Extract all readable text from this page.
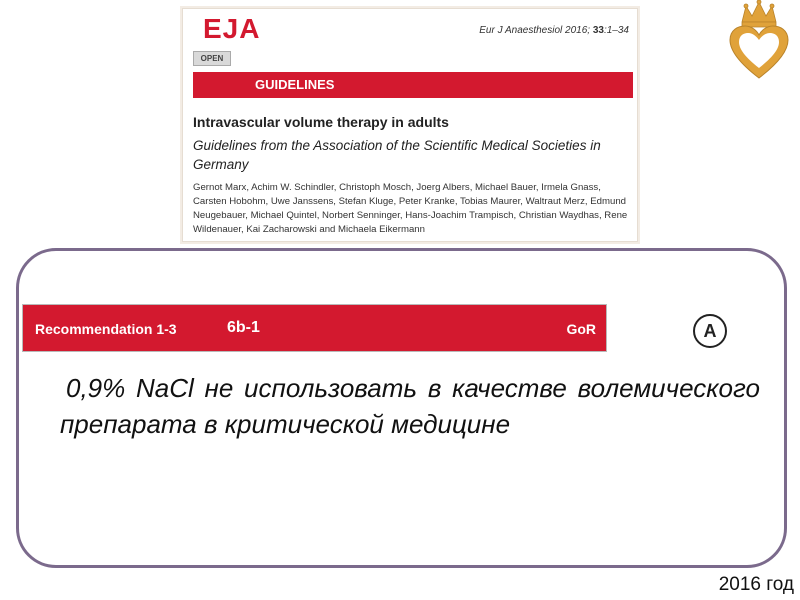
EJA	Eur J Anaesthesiol 2016; 33:1–34
OPEN
GUIDELINES
Intravascular volume therapy in adults
Guidelines from the Association of the Scientific Medical Societies in Germany
Gernot Marx, Achim W. Schindler, Christoph Mosch, Joerg Albers, Michael Bauer, Irmela Gnass, Carsten Hobohm, Uwe Janssens, Stefan Kluge, Peter Kranke, Tobias Maurer, Waltraut Merz, Edmund Neugebauer, Michael Quintel, Norbert Senninger, Hans-Joachim Trampisch, Christian Waydhas, Rene Wildenauer, Kai Zacharowski and Michaela Eikermann
Recommendation 1-3	6b-1	GoR	A
0,9% NaCl не использовать в качестве волемического препарата в критической медицине
2016 год
